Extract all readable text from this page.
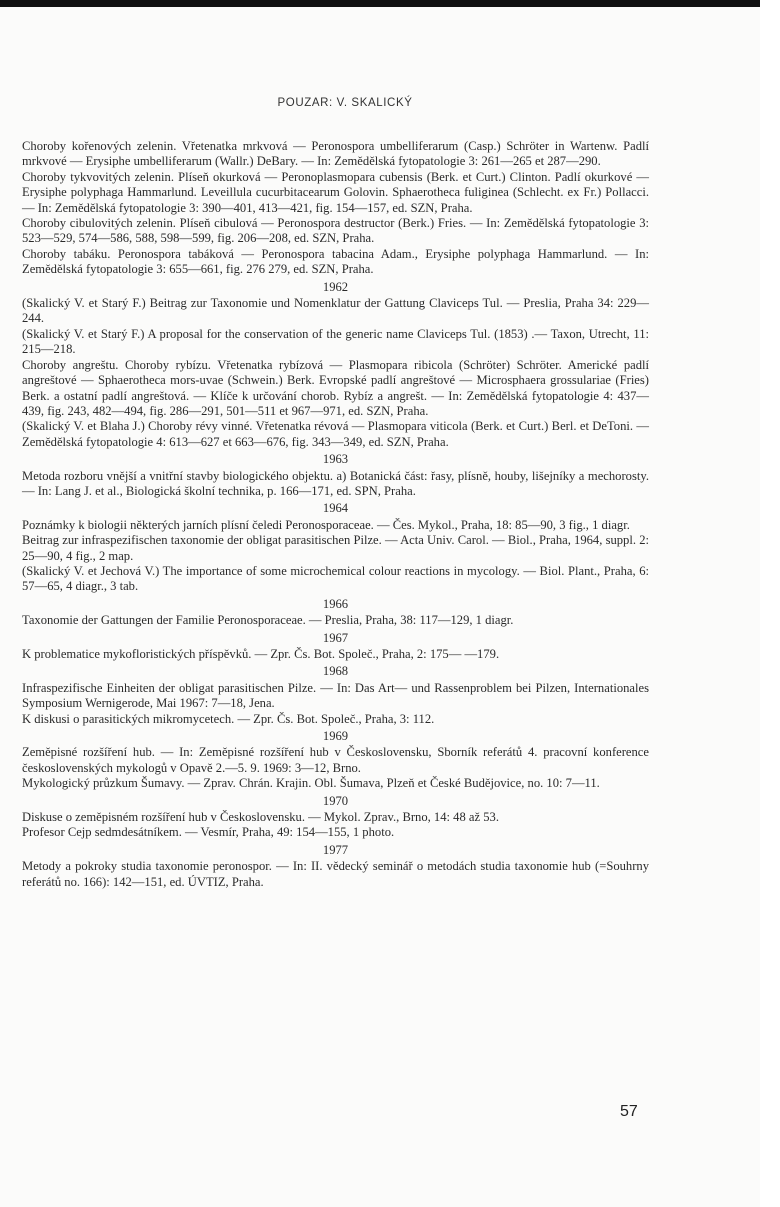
POUZAR: V. SKALICKÝ

Choroby kořenových zelenin. Vřetenatka mrkvová — Peronospora umbelliferarum (Casp.) Schröter in Wartenw. Padlí mrkvové — Erysiphe umbelliferarum (Wallr.) DeBary. — In: Zemědělská fytopatologie 3: 261—265 et 287—290.

Choroby tykvovitých zelenin. Plíseň okurková — Peronoplasmopara cubensis (Berk. et Curt.) Clinton. Padlí okurkové — Erysiphe polyphaga Hammarlund. Leveillula cucurbitacearum Golovin. Sphaerotheca fuliginea (Schlecht. ex Fr.) Pollacci. — In: Zemědělská fytopatologie 3: 390—401, 413—421, fig. 154—157, ed. SZN, Praha.

Choroby cibulovitých zelenin. Plíseň cibulová — Peronospora destructor (Berk.) Fries. — In: Zemědělská fytopatologie 3: 523—529, 574—586, 588, 598—599, fig. 206—208, ed. SZN, Praha.

Choroby tabáku. Peronospora tabáková — Peronospora tabacina Adam., Erysiphe polyphaga Hammarlund. — In: Zemědělská fytopatologie 3: 655—661, fig. 276 279, ed. SZN, Praha.

1962

(Skalický V. et Starý F.) Beitrag zur Taxonomie und Nomenklatur der Gattung Claviceps Tul. — Preslia, Praha 34: 229—244.

(Skalický V. et Starý F.) A proposal for the conservation of the generic name Claviceps Tul. (1853) .— Taxon, Utrecht, 11: 215—218.

Choroby angreštu. Choroby rybízu. Vřetenatka rybízová — Plasmopara ribicola (Schröter) Schröter. Americké padlí angreštové — Sphaerotheca mors-uvae (Schwein.) Berk. Evropské padlí angreštové — Microsphaera grossulariae (Fries) Berk. a ostatní padlí angreštová. — Klíče k určování chorob. Rybíz a angrešt. — In: Zemědělská fytopatologie 4: 437—439, fig. 243, 482—494, fig. 286—291, 501—511 et 967—971, ed. SZN, Praha.

(Skalický V. et Blaha J.) Choroby révy vinné. Vřetenatka révová — Plasmopara viticola (Berk. et Curt.) Berl. et DeToni. — Zemědělská fytopatologie 4: 613—627 et 663—676, fig. 343—349, ed. SZN, Praha.

1963

Metoda rozboru vnější a vnitřní stavby biologického objektu. a) Botanická část: řasy, plísně, houby, lišejníky a mechorosty. — In: Lang J. et al., Biologická školní technika, p. 166—171, ed. SPN, Praha.

1964

Poznámky k biologii některých jarních plísní čeledi Peronosporaceae. — Čes. Mykol., Praha, 18: 85—90, 3 fig., 1 diagr.

Beitrag zur infraspezifischen taxonomie der obligat parasitischen Pilze. — Acta Univ. Carol. — Biol., Praha, 1964, suppl. 2: 25—90, 4 fig., 2 map.

(Skalický V. et Jechová V.) The importance of some microchemical colour reactions in mycology. — Biol. Plant., Praha, 6: 57—65, 4 diagr., 3 tab.

1966

Taxonomie der Gattungen der Familie Peronosporaceae. — Preslia, Praha, 38: 117—129, 1 diagr.

1967

K problematice mykofloristických příspěvků. — Zpr. Čs. Bot. Společ., Praha, 2: 175— —179.

1968

Infraspezifische Einheiten der obligat parasitischen Pilze. — In: Das Art— und Rassenproblem bei Pilzen, Internationales Symposium Wernigerode, Mai 1967: 7—18, Jena.

K diskusi o parasitických mikromycetech. — Zpr. Čs. Bot. Společ., Praha, 3: 112.

1969

Zeměpisné rozšíření hub. — In: Zeměpisné rozšíření hub v Československu, Sborník referátů 4. pracovní konference československých mykologů v Opavě 2.—5. 9. 1969: 3—12, Brno.

Mykologický průzkum Šumavy. — Zprav. Chrán. Krajin. Obl. Šumava, Plzeň et České Budějovice, no. 10: 7—11.

1970

Diskuse o zeměpisném rozšíření hub v Československu. — Mykol. Zprav., Brno, 14: 48 až 53.

Profesor Cejp sedmdesátníkem. — Vesmír, Praha, 49: 154—155, 1 photo.

1977

Metody a pokroky studia taxonomie peronospor. — In: II. vědecký seminář o metodách studia taxonomie hub (=Souhrny referátů no. 166): 142—151, ed. ÚVTIZ, Praha.

57
